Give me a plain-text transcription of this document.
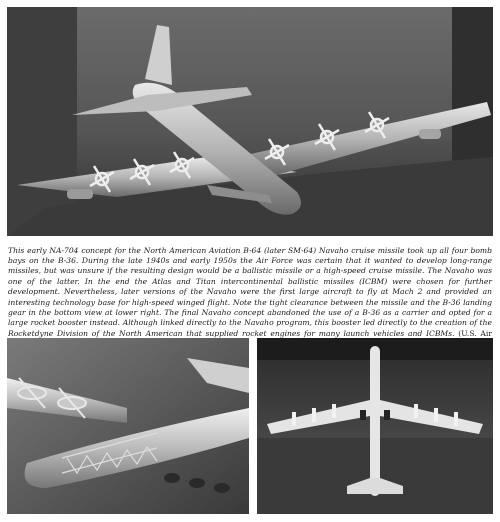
This early NA-704 concept for the North American Aviation B-64 (later SM-64) Navaho cruise missile took up all four bomb bays on the B-36. During the late 1940s and early 1950s the Air Force was certain that it wanted to develop long-range missiles, but was unsure if the resulting design would be a ballistic missile or a high-speed cruise missile. The Navaho was one of the latter. In the end the Atlas and Titan intercontinental ballistic missiles (ICBM) were chosen for further development. Nevertheless, later versions of the Navaho were the first large aircraft to fly at Mach 2 and provided an interesting technology base for high-speed winged flight. Note the tight clearance between the missile and the B-36 landing gear in the bottom view at lower right. The final Navaho concept abandoned the use of a B-36 as a carrier and opted for a large rocket booster instead. Although linked directly to the Navaho program, this booster led directly to the creation of the Rocketdyne Division of the North American that supplied rocket engines for many launch vehicles and ICBMs. (U.S. Air
